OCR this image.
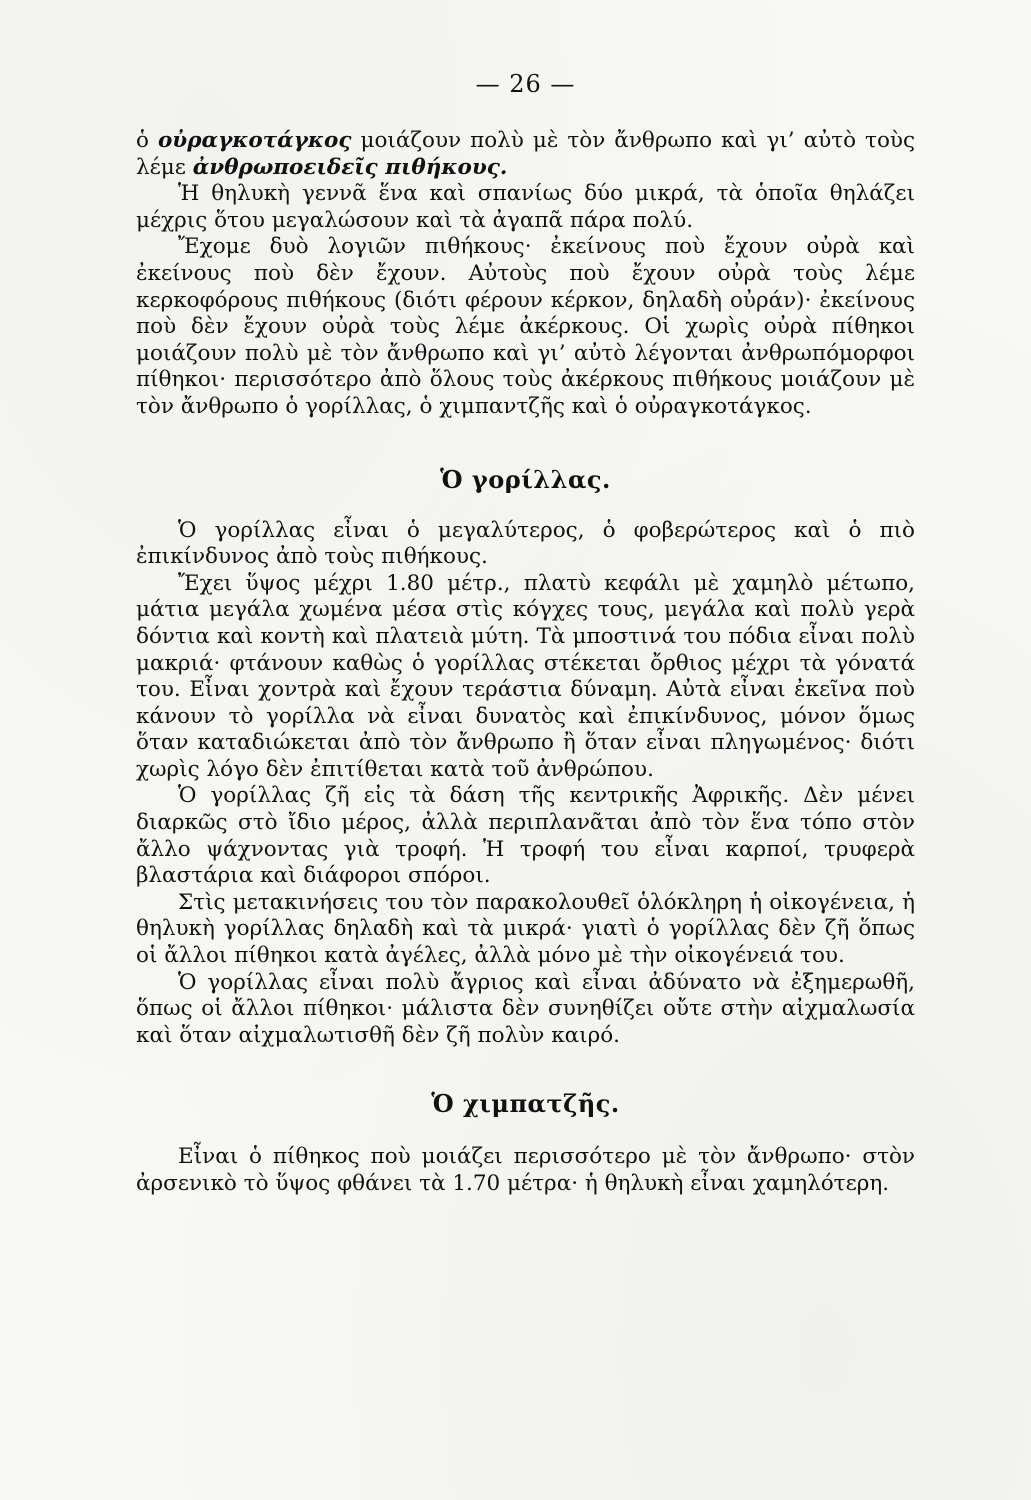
— 26 —

ὁ οὐραγκοτάγκος μοιάζουν πολὺ μὲ τὸν ἄνθρωπο καὶ γι’ αὐτὸ τοὺς λέμε ἀνθρωποειδεῖς πιθήκους.

Ἡ θηλυκὴ γεννᾶ ἕνα καὶ σπανίως δύο μικρά, τὰ ὁποῖα θηλάζει μέχρις ὅτου μεγαλώσουν καὶ τὰ ἀγαπᾶ πάρα πολύ.

Ἔχομε δυὸ λογιῶν πιθήκους· ἐκείνους ποὺ ἔχουν οὐρὰ καὶ ἐκείνους ποὺ δὲν ἔχουν. Αὐτοὺς ποὺ ἔχουν οὐρὰ τοὺς λέμε κερκοφόρους πιθήκους (διότι φέρουν κέρκον, δηλαδὴ οὐράν)· ἐκείνους ποὺ δὲν ἔχουν οὐρὰ τοὺς λέμε ἀκέρκους. Οἱ χωρὶς οὐρὰ πίθηκοι μοιάζουν πολὺ μὲ τὸν ἄνθρωπο καὶ γι’ αὐτὸ λέγονται ἀνθρωπόμορφοι πίθηκοι· περισσότερο ἀπὸ ὅλους τοὺς ἀκέρκους πιθήκους μοιάζουν μὲ τὸν ἄνθρωπο ὁ γορίλλας, ὁ χιμπαντζῆς καὶ ὁ οὐραγκοτάγκος.

Ὁ γορίλλας.

Ὁ γορίλλας εἶναι ὁ μεγαλύτερος, ὁ φοβερώτερος καὶ ὁ πιὸ ἐπικίνδυνος ἀπὸ τοὺς πιθήκους.

Ἔχει ὕψος μέχρι 1.80 μέτρ., πλατὺ κεφάλι μὲ χαμηλὸ μέτωπο, μάτια μεγάλα χωμένα μέσα στὶς κόγχες τους, μεγάλα καὶ πολὺ γερὰ δόντια καὶ κοντὴ καὶ πλατειὰ μύτη. Τὰ μποστινά του πόδια εἶναι πολὺ μακριά· φτάνουν καθὼς ὁ γορίλλας στέκεται ὄρθιος μέχρι τὰ γόνατά του. Εἶναι χοντρὰ καὶ ἔχουν τεράστια δύναμη. Αὐτὰ εἶναι ἐκεῖνα ποὺ κάνουν τὸ γορίλλα νὰ εἶναι δυνατὸς καὶ ἐπικίνδυνος, μόνον ὅμως ὅταν καταδιώκεται ἀπὸ τὸν ἄνθρωπο ἢ ὅταν εἶναι πληγωμένος· διότι χωρὶς λόγο δὲν ἐπιτίθεται κατὰ τοῦ ἀνθρώπου.

Ὁ γορίλλας ζῆ εἰς τὰ δάση τῆς κεντρικῆς Ἀφρικῆς. Δὲν μένει διαρκῶς στὸ ἴδιο μέρος, ἀλλὰ περιπλανᾶται ἀπὸ τὸν ἕνα τόπο στὸν ἄλλο ψάχνοντας γιὰ τροφή. Ἡ τροφή του εἶναι καρποί, τρυφερὰ βλαστάρια καὶ διάφοροι σπόροι.

Στὶς μετακινήσεις του τὸν παρακολουθεῖ ὁλόκληρη ἡ οἰκογένεια, ἡ θηλυκὴ γορίλλας δηλαδὴ καὶ τὰ μικρά· γιατὶ ὁ γορίλλας δὲν ζῆ ὅπως οἱ ἄλλοι πίθηκοι κατὰ ἀγέλες, ἀλλὰ μόνο μὲ τὴν οἰκογένειά του.

Ὁ γορίλλας εἶναι πολὺ ἄγριος καὶ εἶναι ἀδύνατο νὰ ἐξημερωθῆ, ὅπως οἱ ἄλλοι πίθηκοι· μάλιστα δὲν συνηθίζει οὔτε στὴν αἰχμαλωσία καὶ ὅταν αἰχμαλωτισθῆ δὲν ζῆ πολὺν καιρό.

Ὁ χιμπατζῆς.

Εἶναι ὁ πίθηκος ποὺ μοιάζει περισσότερο μὲ τὸν ἄνθρωπο· στὸν ἀρσενικὸ τὸ ὕψος φθάνει τὰ 1.70 μέτρα· ἡ θηλυκὴ εἶναι χαμηλότερη.
